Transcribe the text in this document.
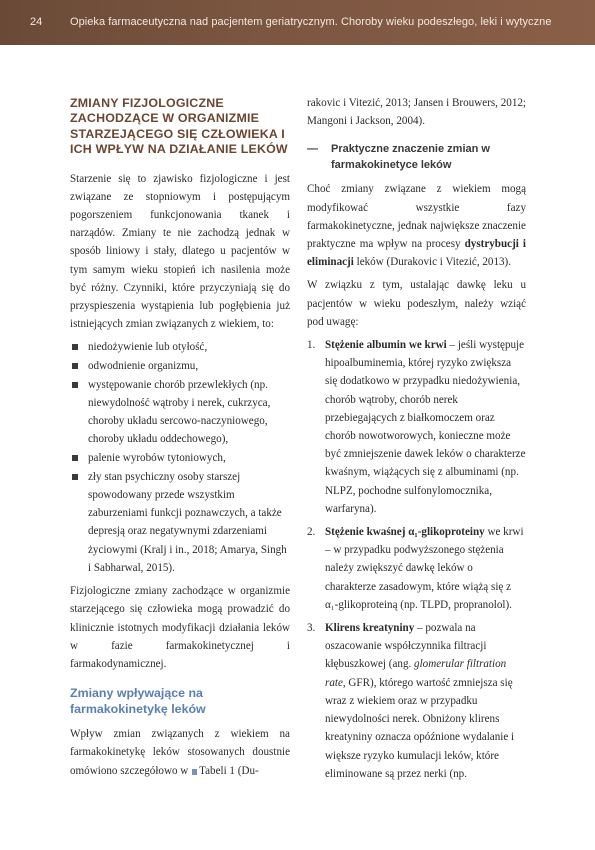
24	Opieka farmaceutyczna nad pacjentem geriatrycznym. Choroby wieku podeszłego, leki i wytyczne
ZMIANY FIZJOLOGICZNE ZACHODZĄCE W ORGANIZMIE STARZEJĄCEGO SIĘ CZŁOWIEKA I ICH WPŁYW NA DZIAŁANIE LEKÓW

Starzenie się to zjawisko fizjologiczne i jest związane ze stopniowym i postępującym pogorszeniem funkcjonowania tkanek i narządów. Zmiany te nie zachodzą jednak w sposób liniowy i stały, dlatego u pacjentów w tym samym wieku stopień ich nasilenia może być różny. Czynniki, które przyczyniają się do przyspieszenia wystąpienia lub pogłębienia już istniejących zmian związanych z wiekiem, to:

niedożywienie lub otyłość,
odwodnienie organizmu,
występowanie chorób przewlekłych (np. niewydolność wątroby i nerek, cukrzyca, choroby układu sercowo-naczyniowego, choroby układu oddechowego),
palenie wyrobów tytoniowych,
zły stan psychiczny osoby starszej spowodowany przede wszystkim zaburzeniami funkcji poznawczych, a także depresją oraz negatywnymi zdarzeniami życiowymi (Kralj i in., 2018; Amarya, Singh i Sabharwal, 2015).

Fizjologiczne zmiany zachodzące w organizmie starzejącego się człowieka mogą prowadzić do klinicznie istotnych modyfikacji działania leków w fazie farmakokinetycznej i farmakodynamicznej.

Zmiany wpływające na farmakokinetykę leków

Wpływ zmian związanych z wiekiem na farmakokinetykę leków stosowanych doustnie omówiono szczegółowo w Tabeli 1 (Du-

rakovic i Vitezić, 2013; Jansen i Brouwers, 2012; Mangoni i Jackson, 2004).

— Praktyczne znaczenie zmian w farmakokinetyce leków

Choć zmiany związane z wiekiem mogą modyfikować wszystkie fazy farmakokinetyczne, jednak największe znaczenie praktyczne ma wpływ na procesy dystrybucji i eliminacji leków (Durakovic i Vitezić, 2013).

W związku z tym, ustalając dawkę leku u pacjentów w wieku podeszłym, należy wziąć pod uwagę:

1. Stężenie albumin we krwi – jeśli występuje hipoalbuminemia, której ryzyko zwiększa się dodatkowo w przypadku niedożywienia, chorób wątroby, chorób nerek przebiegających z białkomoczem oraz chorób nowotworowych, konieczne może być zmniejszenie dawek leków o charakterze kwaśnym, wiążących się z albuminami (np. NLPZ, pochodne sulfonylomocznika, warfaryna).
2. Stężenie kwaśnej α₁-glikoproteiny we krwi – w przypadku podwyższonego stężenia należy zwiększyć dawkę leków o charakterze zasadowym, które wiążą się z α₁-glikoproteiną (np. TLPD, propranolol).
3. Klirens kreatyniny – pozwala na oszacowanie współczynnika filtracji kłębuszkowej (ang. glomerular filtration rate, GFR), którego wartość zmniejsza się wraz z wiekiem oraz w przypadku niewydolności nerek. Obniżony klirens kreatyniny oznacza opóźnione wydalanie i większe ryzyko kumulacji leków, które eliminowane są przez nerki (np.
